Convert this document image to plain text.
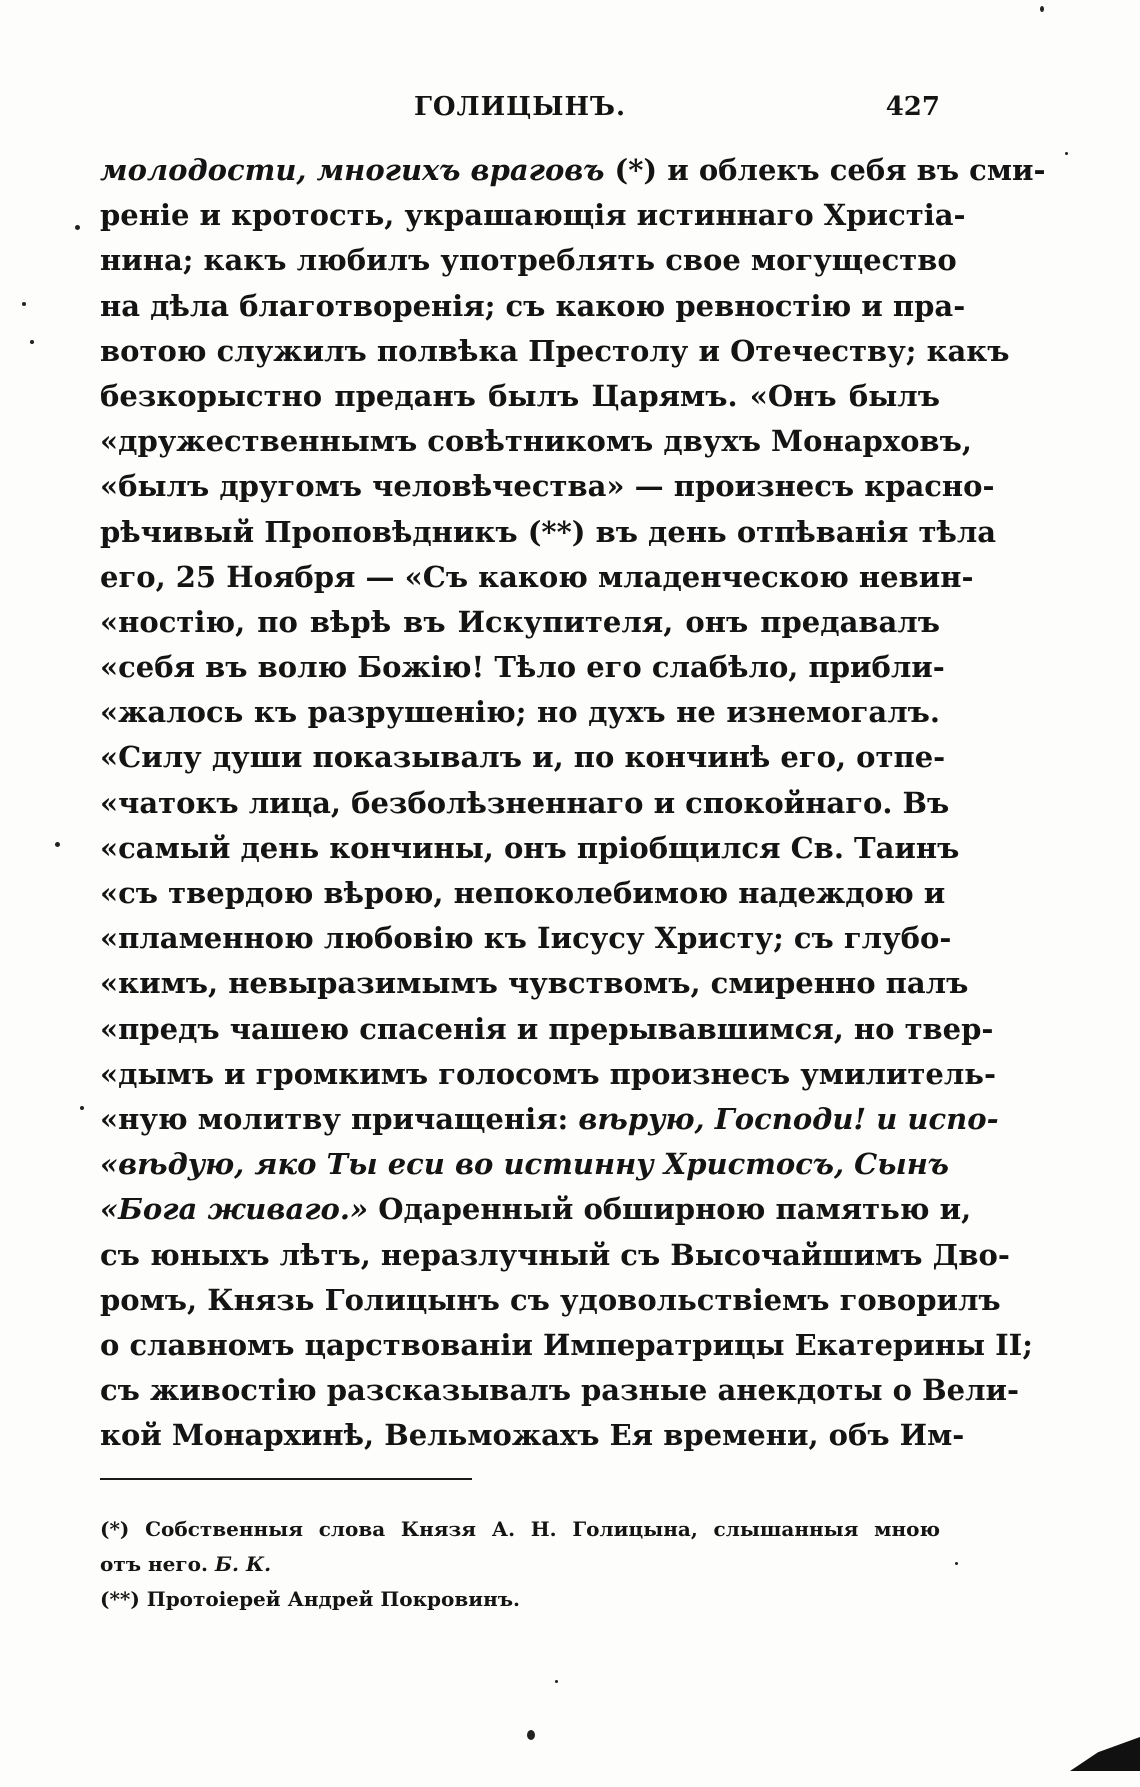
ГОЛИЦЫНЪ.	427
молодости, многихъ враговъ (*) и облекъ себя въ сми-
реніе и кротость, украшающія истиннаго Христіа-
нина; какъ любилъ употреблять свое могущество
на дѣла благотворенія; съ какою ревностію и пра-
вотою служилъ полвѣка Престолу и Отечеству; какъ
безкорыстно преданъ былъ Царямъ. «Онъ былъ
«дружественнымъ совѣтникомъ двухъ Монарховъ,
«былъ другомъ человѣчества» — произнесъ красно-
рѣчивый Проповѣдникъ (**) въ день отпѣванія тѣла
его, 25 Ноября — «Съ какою младенческою невин-
«ностію, по вѣрѣ въ Искупителя, онъ предавалъ
«себя въ волю Божію! Тѣло его слабѣло, прибли-
«жалось къ разрушенію; но духъ не изнемогалъ.
«Силу души показывалъ и, по кончинѣ его, отпе-
«чатокъ лица, безболѣзненнаго и спокойнаго. Въ
«самый день кончины, онъ пріобщился Св. Таинъ
«съ твердою вѣрою, непоколебимою надеждою и
«пламенною любовію къ Іисусу Христу; съ глубо-
«кимъ, невыразимымъ чувствомъ, смиренно палъ
«предъ чашею спасенія и прерывавшимся, но твер-
«дымъ и громкимъ голосомъ произнесъ умилитель-
«ную молитву причащенія: вѣрую, Господи! и испо-
«вѣдую, яко Ты еси во истинну Христосъ, Сынъ
«Бога живаго.» Одаренный обширною памятью и,
съ юныхъ лѣтъ, неразлучный съ Высочайшимъ Дво-
ромъ, Князь Голицынъ съ удовольствіемъ говорилъ
о славномъ царствованіи Императрицы Екатерины II;
съ живостію разсказывалъ разные анекдоты о Вели-
кой Монархинѣ, Вельможахъ Ея времени, объ Им-
(*) Собственныя слова Князя А. Н. Голицына, слышанныя мною
отъ него. Б. К.
(**) Протоіерей Андрей Покровинъ.
